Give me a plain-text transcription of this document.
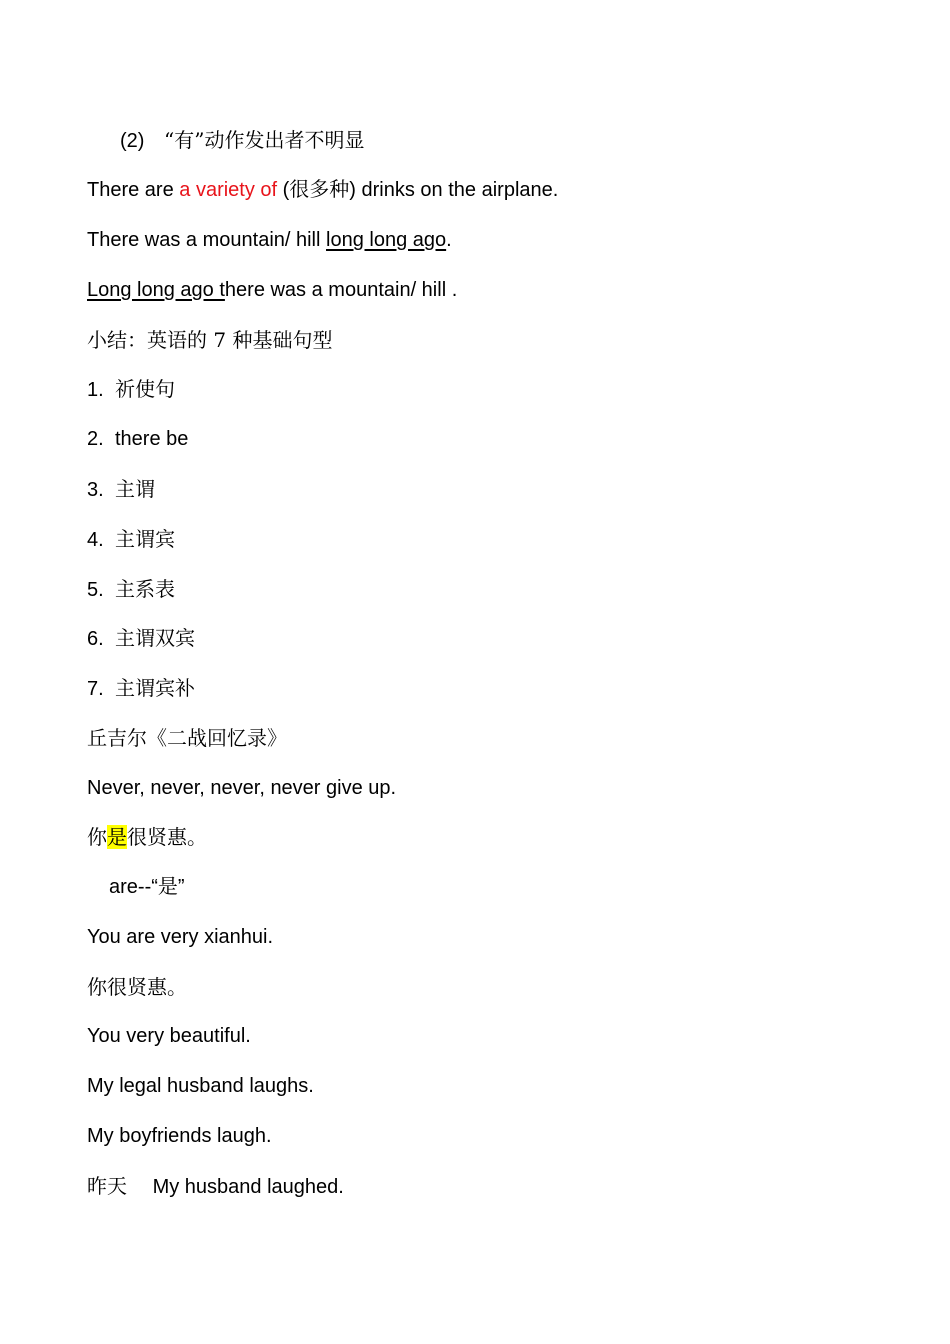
(2) “有”动作发出者不明显
There are a variety of (很多种) drinks on the airplane.
There was a mountain/ hill long long ago.
Long long ago there was a mountain/ hill .
小结：英语的 7 种基础句型
1. 祈使句
2. there be
3. 主谓
4. 主谓宾
5. 主系表
6. 主谓双宾
7. 主谓宾补
丘吉尔《二战回忆录》
Never, never, never, never give up.
你是很贤惠。
are--“是”
You are very xianhui.
你很贤惠。
You very beautiful.
My legal husband laughs.
My boyfriends laugh.
昨天 My husband laughed.
